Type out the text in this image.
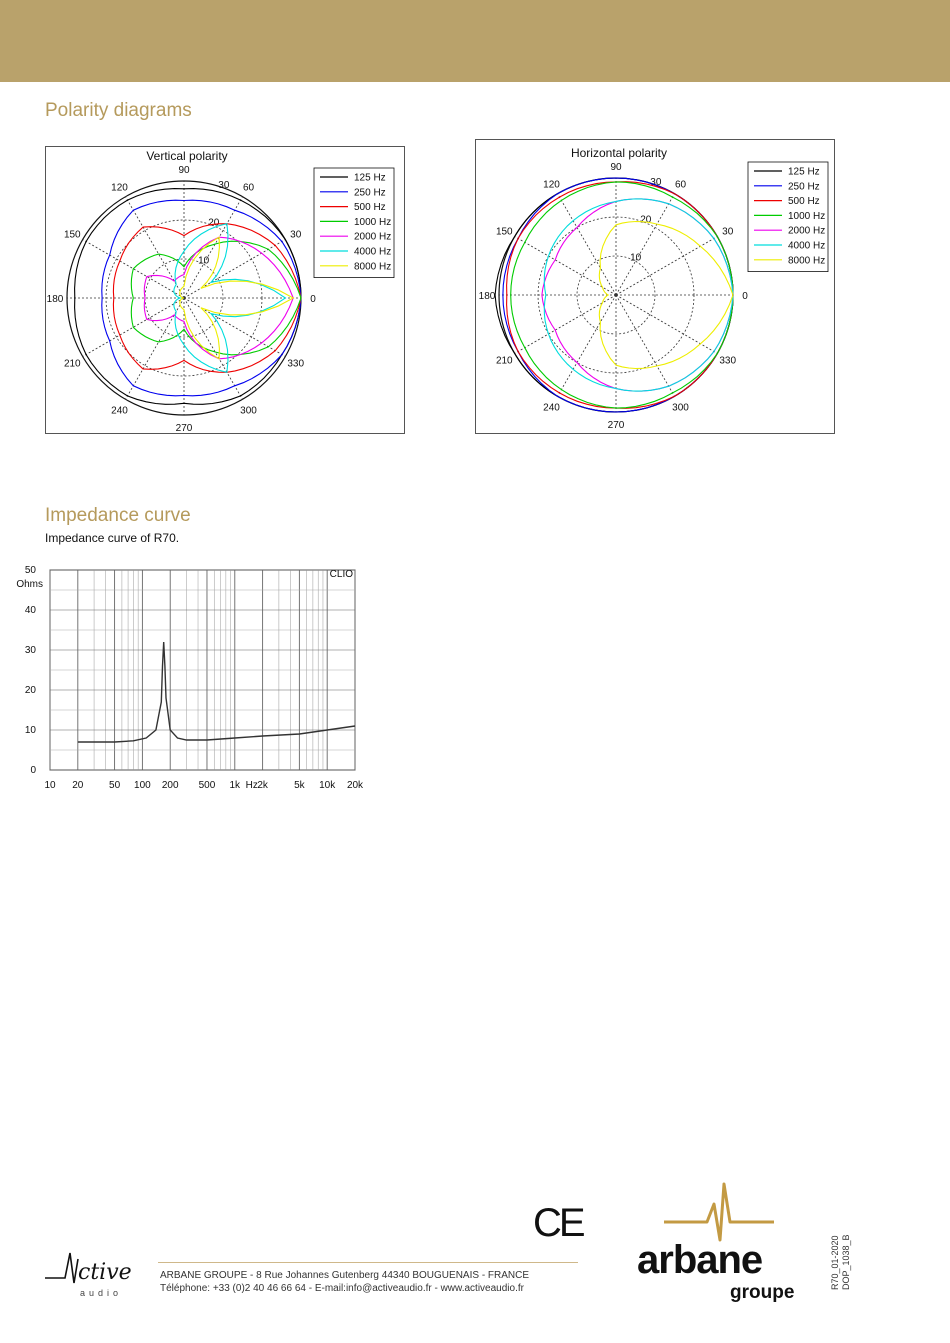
Polarity diagrams
0
30
60
90
120
150
180
210
240
270
300
330
10
20
30
Vertical polarity
125 Hz
250 Hz
500 Hz
1000 Hz
2000 Hz
4000 Hz
8000 Hz
0
30
60
90
120
150
180
210
240
270
300
330
10
20
30
Horizontal polarity
125 Hz
250 Hz
500 Hz
1000 Hz
2000 Hz
4000 Hz
8000 Hz
Impedance curve
Impedance curve of R70.
0
10
20
30
40
50
Ohms
10 20	50 100 200 500 1k 2k	5k 10k 20k
Hz
CLIO
ctive
audio
ARBANE GROUPE - 8 Rue Johannes Gutenberg 44340 BOUGUENAIS - FRANCE
Téléphone: +33 (0)2 40 46 66 64 - E-mail:info@activeaudio.fr - www.activeaudio.fr
CE
arbane
groupe
R70_01-2020 DOP_1038_B
